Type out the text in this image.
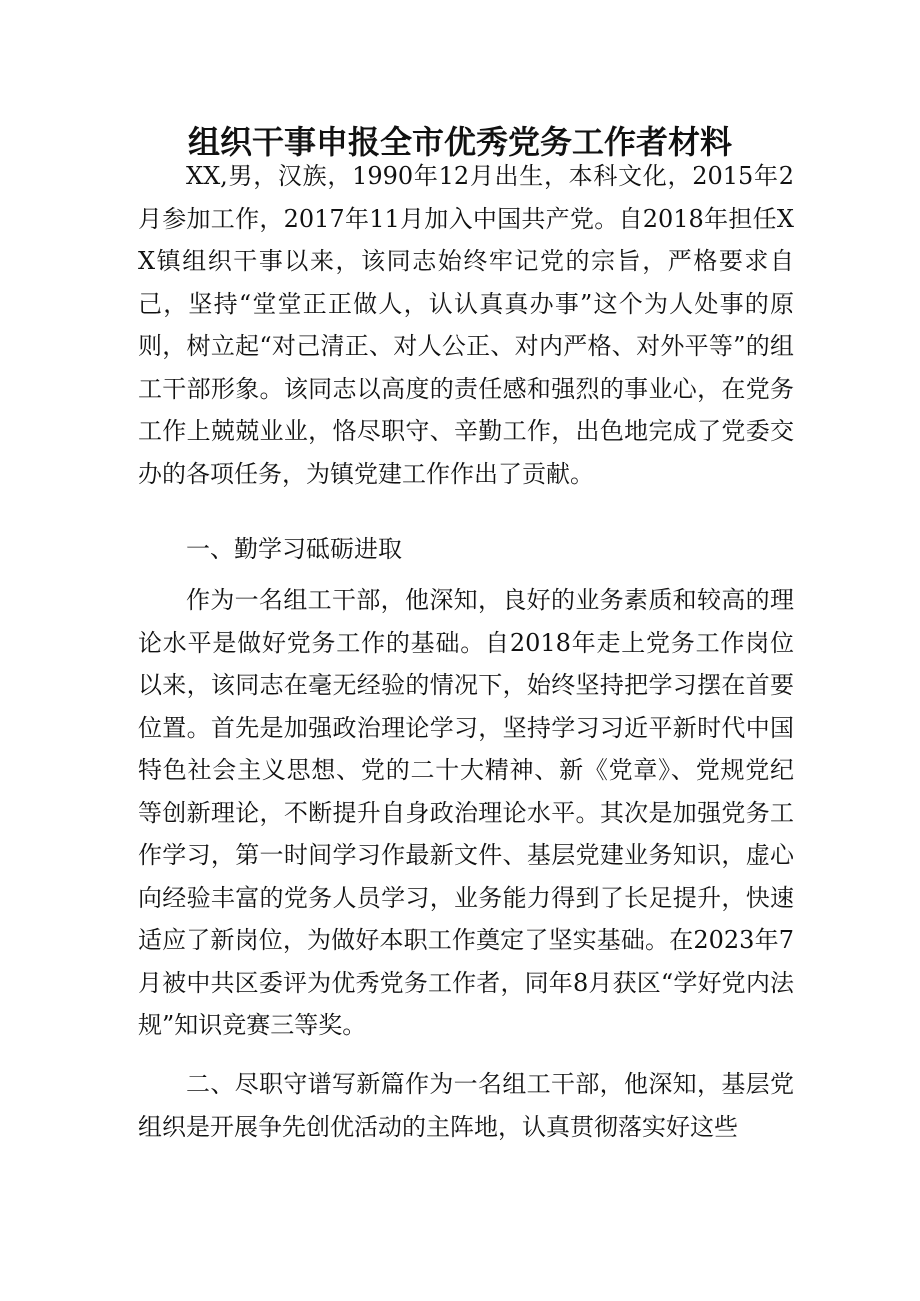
组织干事申报全市优秀党务工作者材料

XX,男，汉族，1990年12月出生，本科文化，2015年2月参加工作，2017年11月加入中国共产党。自2018年担任XX镇组织干事以来，该同志始终牢记党的宗旨，严格要求自己，坚持“堂堂正正做人，认认真真办事”这个为人处事的原则，树立起“对己清正、对人公正、对内严格、对外平等”的组工干部形象。该同志以高度的责任感和强烈的事业心，在党务工作上兢兢业业，恪尽职守、辛勤工作，出色地完成了党委交办的各项任务，为镇党建工作作出了贡献。

一、勤学习砥砺进取

作为一名组工干部，他深知，良好的业务素质和较高的理论水平是做好党务工作的基础。自2018年走上党务工作岗位以来，该同志在毫无经验的情况下，始终坚持把学习摆在首要位置。首先是加强政治理论学习，坚持学习习近平新时代中国特色社会主义思想、党的二十大精神、新《党章》、党规党纪等创新理论，不断提升自身政治理论水平。其次是加强党务工作学习，第一时间学习作最新文件、基层党建业务知识，虚心向经验丰富的党务人员学习，业务能力得到了长足提升，快速适应了新岗位，为做好本职工作奠定了坚实基础。在2023年7月被中共区委评为优秀党务工作者，同年8月获区“学好党内法规”知识竞赛三等奖。

二、尽职守谱写新篇作为一名组工干部，他深知，基层党组织是开展争先创优活动的主阵地，认真贯彻落实好这些
